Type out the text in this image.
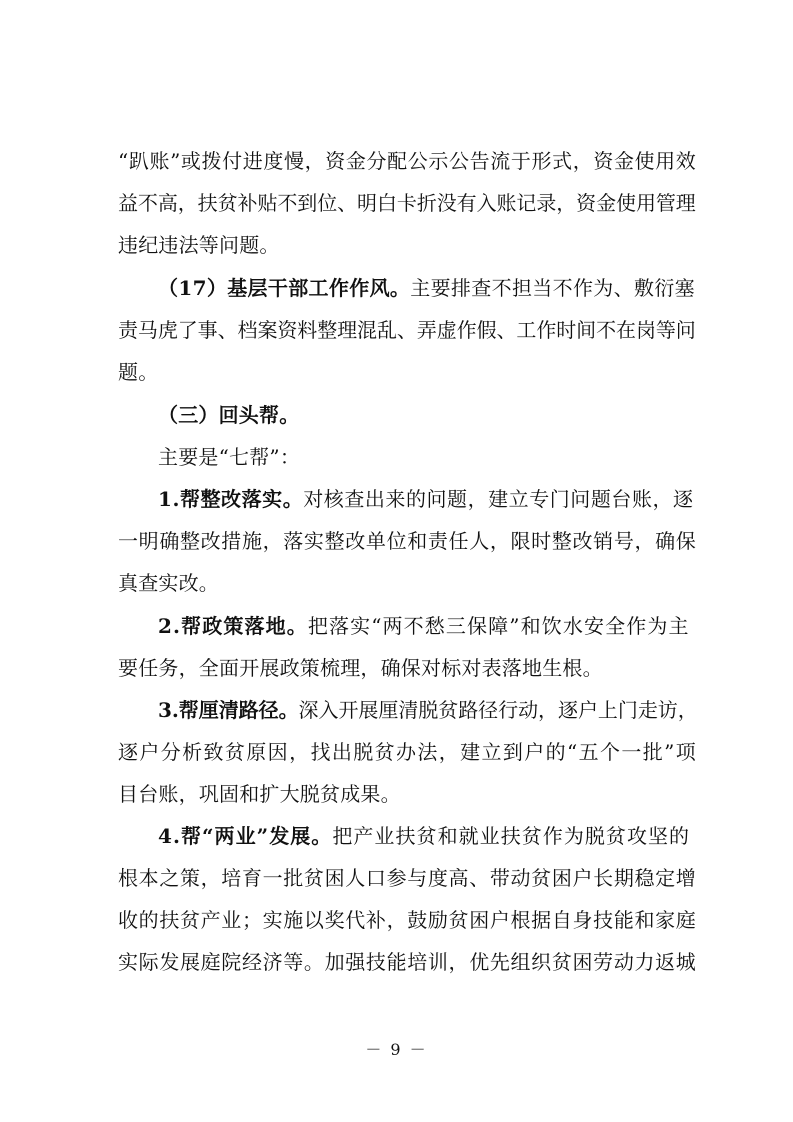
“趴账”或拨付进度慢，资金分配公示公告流于形式，资金使用效
益不高，扶贫补贴不到位、明白卡折没有入账记录，资金使用管理
违纪违法等问题。
（17）基层干部工作作风。主要排查不担当不作为、敷衍塞
责马虎了事、档案资料整理混乱、弄虚作假、工作时间不在岗等问
题。
（三）回头帮。
主要是“七帮”：
1.帮整改落实。对核查出来的问题，建立专门问题台账，逐
一明确整改措施，落实整改单位和责任人，限时整改销号，确保
真查实改。
2.帮政策落地。把落实“两不愁三保障”和饮水安全作为主
要任务，全面开展政策梳理，确保对标对表落地生根。
3.帮厘清路径。深入开展厘清脱贫路径行动，逐户上门走访，
逐户分析致贫原因，找出脱贫办法，建立到户的“五个一批”项
目台账，巩固和扩大脱贫成果。
4.帮“两业”发展。把产业扶贫和就业扶贫作为脱贫攻坚的
根本之策，培育一批贫困人口参与度高、带动贫困户长期稳定增
收的扶贫产业；实施以奖代补，鼓励贫困户根据自身技能和家庭
实际发展庭院经济等。加强技能培训，优先组织贫困劳动力返城
－ 9 －
